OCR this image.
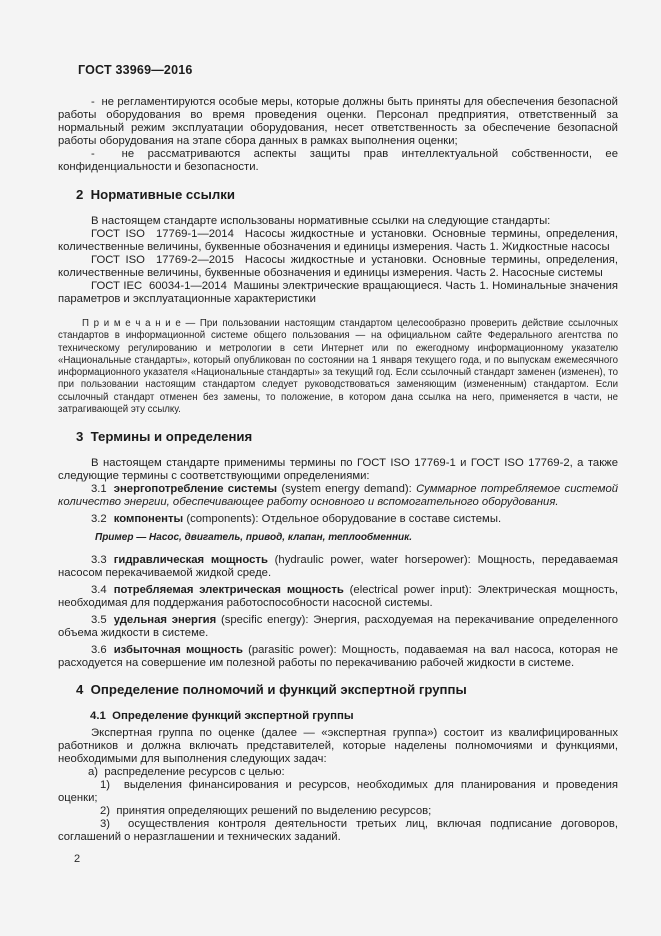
ГОСТ 33969—2016

-  не регламентируются особые меры, которые должны быть приняты для обеспечения безопасной работы оборудования во время проведения оценки. Персонал предприятия, ответственный за нормальный режим эксплуатации оборудования, несет ответственность за обеспечение безопасной работы оборудования на этапе сбора данных в рамках выполнения оценки;

-  не рассматриваются аспекты защиты прав интеллектуальной собственности, ее конфиденциальности и безопасности.

2  Нормативные ссылки

В настоящем стандарте использованы нормативные ссылки на следующие стандарты:

ГОСТ ISO  17769-1—2014  Насосы жидкостные и установки. Основные термины, определения, количественные величины, буквенные обозначения и единицы измерения. Часть 1. Жидкостные насосы

ГОСТ ISO  17769-2—2015  Насосы жидкостные и установки. Основные термины, определения, количественные величины, буквенные обозначения и единицы измерения. Часть 2. Насосные системы

ГОСТ IEC  60034-1—2014  Машины электрические вращающиеся. Часть 1. Номинальные значения параметров и эксплуатационные характеристики

П р и м е ч а н и е — При пользовании настоящим стандартом целесообразно проверить действие ссылочных стандартов в информационной системе общего пользования — на официальном сайте Федерального агентства по техническому регулированию и метрологии в сети Интернет или по ежегодному информационному указателю «Национальные стандарты», который опубликован по состоянии на 1 января текущего года, и по выпускам ежемесячного информационного указателя «Национальные стандарты» за текущий год. Если ссылочный стандарт заменен (изменен), то при пользовании настоящим стандартом следует руководствоваться заменяющим (измененным) стандартом. Если ссылочный стандарт отменен без замены, то положение, в котором дана ссылка на него, применяется в части, не затрагивающей эту ссылку.

3  Термины и определения

В настоящем стандарте применимы термины по ГОСТ ISO 17769-1 и ГОСТ ISO 17769-2, а также следующие термины с соответствующими определениями:

3.1 энергопотребление системы (system energy demand): Суммарное потребляемое системой количество энергии, обеспечивающее работу основного и вспомогательного оборудования.

3.2 компоненты (components): Отдельное оборудование в составе системы.

Пример — Насос, двигатель, привод, клапан, теплообменник.

3.3 гидравлическая мощность (hydraulic power, water horsepower): Мощность, передаваемая насосом перекачиваемой жидкой среде.

3.4 потребляемая электрическая мощность (electrical power input): Электрическая мощность, необходимая для поддержания работоспособности насосной системы.

3.5 удельная энергия (specific energy): Энергия, расходуемая на перекачивание определенного объема жидкости в системе.

3.6 избыточная мощность (parasitic power): Мощность, подаваемая на вал насоса, которая не расходуется на совершение им полезной работы по перекачиванию рабочей жидкости в системе.

4  Определение полномочий и функций экспертной группы
4.1  Определение функций экспертной группы

Экспертная группа по оценке (далее — «экспертная группа») состоит из квалифицированных работников и должна включать представителей, которые наделены полномочиями и функциями, необходимыми для выполнения следующих задач:

а)  распределение ресурсов с целью:

1)  выделения финансирования и ресурсов, необходимых для планирования и проведения оценки;

2)  принятия определяющих решений по выделению ресурсов;

3)  осуществления контроля деятельности третьих лиц, включая подписание договоров, соглашений о неразглашении и технических заданий.

2
